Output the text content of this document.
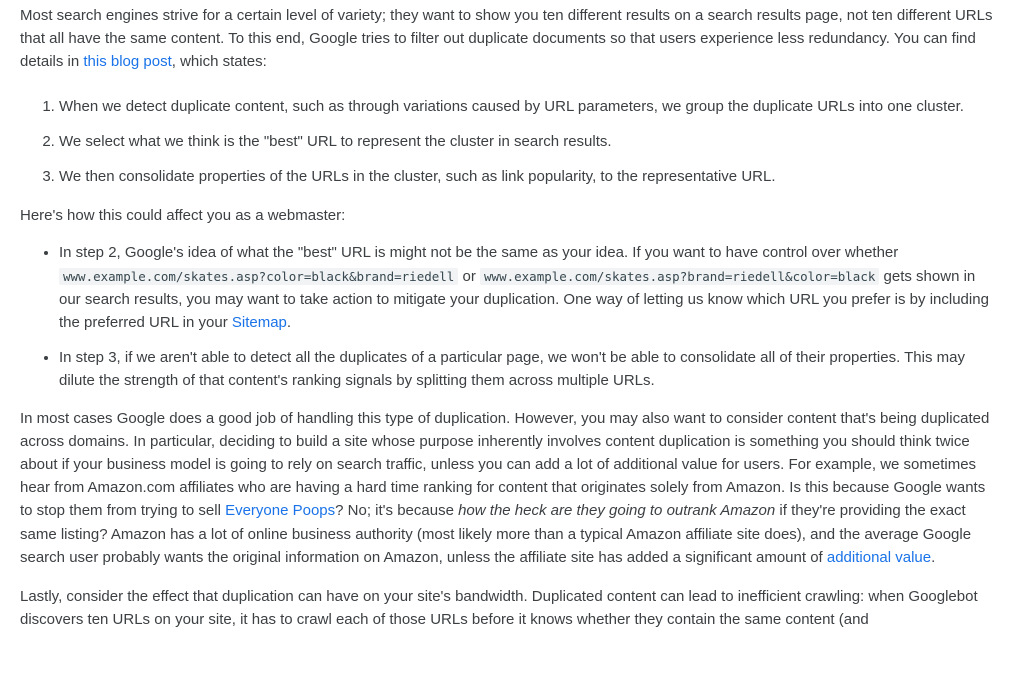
Most search engines strive for a certain level of variety; they want to show you ten different results on a search results page, not ten different URLs that all have the same content. To this end, Google tries to filter out duplicate documents so that users experience less redundancy. You can find details in this blog post, which states:

1. When we detect duplicate content, such as through variations caused by URL parameters, we group the duplicate URLs into one cluster.
2. We select what we think is the "best" URL to represent the cluster in search results.
3. We then consolidate properties of the URLs in the cluster, such as link popularity, to the representative URL.

Here's how this could affect you as a webmaster:

• In step 2, Google's idea of what the "best" URL is might not be the same as your idea. If you want to have control over whether www.example.com/skates.asp?color=black&brand=riedell or www.example.com/skates.asp?brand=riedell&color=black gets shown in our search results, you may want to take action to mitigate your duplication. One way of letting us know which URL you prefer is by including the preferred URL in your Sitemap.
• In step 3, if we aren't able to detect all the duplicates of a particular page, we won't be able to consolidate all of their properties. This may dilute the strength of that content's ranking signals by splitting them across multiple URLs.

In most cases Google does a good job of handling this type of duplication. However, you may also want to consider content that's being duplicated across domains. In particular, deciding to build a site whose purpose inherently involves content duplication is something you should think twice about if your business model is going to rely on search traffic, unless you can add a lot of additional value for users. For example, we sometimes hear from Amazon.com affiliates who are having a hard time ranking for content that originates solely from Amazon. Is this because Google wants to stop them from trying to sell Everyone Poops? No; it's because how the heck are they going to outrank Amazon if they're providing the exact same listing? Amazon has a lot of online business authority (most likely more than a typical Amazon affiliate site does), and the average Google search user probably wants the original information on Amazon, unless the affiliate site has added a significant amount of additional value.

Lastly, consider the effect that duplication can have on your site's bandwidth. Duplicated content can lead to inefficient crawling: when Googlebot discovers ten URLs on your site, it has to crawl each of those URLs before it knows whether they contain the same content (and
